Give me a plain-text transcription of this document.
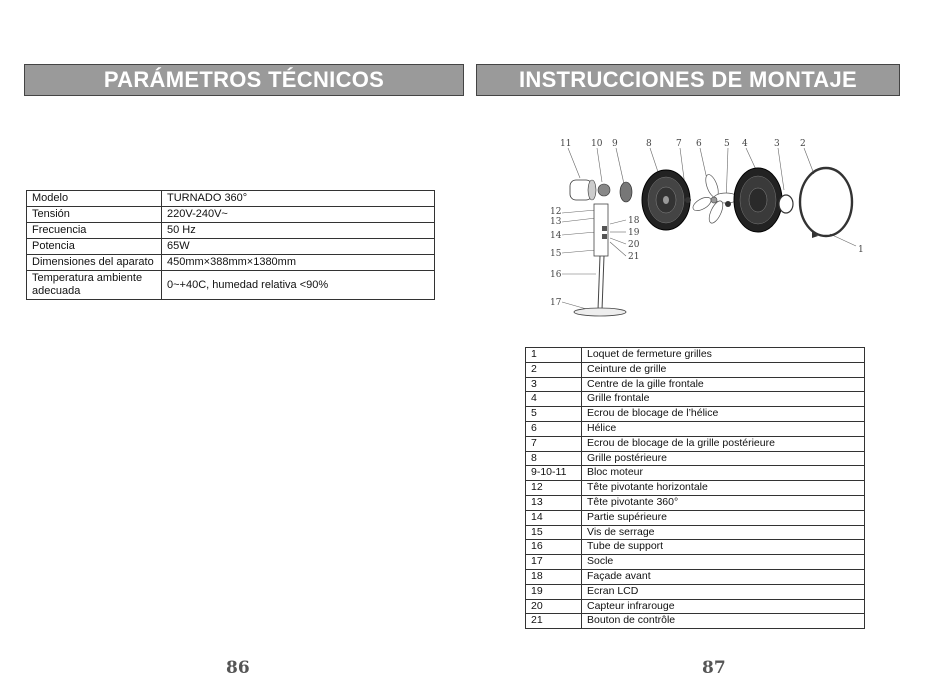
PARÁMETROS TÉCNICOS	INSTRUCCIONES DE MONTAJE
Modelo	TURNADO 360°
Tensión	220V-240V~
Frecuencia	50 Hz
Potencia	65W
Dimensiones del aparato	450mm×388mm×1380mm
Temperatura ambiente adecuada	0~+40C, humedad relativa <90%
11 10 9	8	7 6 5 4	3 2
1
12
13
14
15
16
17
18
19
20
21
1	Loquet de fermeture grilles
2	Ceinture de grille
3	Centre de la gille frontale
4	Grille frontale
5	Ecrou de blocage de l’hélice
6	Hélice
7	Ecrou de blocage de la grille postérieure
8	Grille postérieure
9-10-11	Bloc moteur
12	Tête pivotante horizontale
13	Tête pivotante 360°
14	Partie supérieure
15	Vis de serrage
16	Tube de support
17	Socle
18	Façade avant
19	Ecran LCD
20	Capteur infrarouge
21	Bouton de contrôle
86	87
